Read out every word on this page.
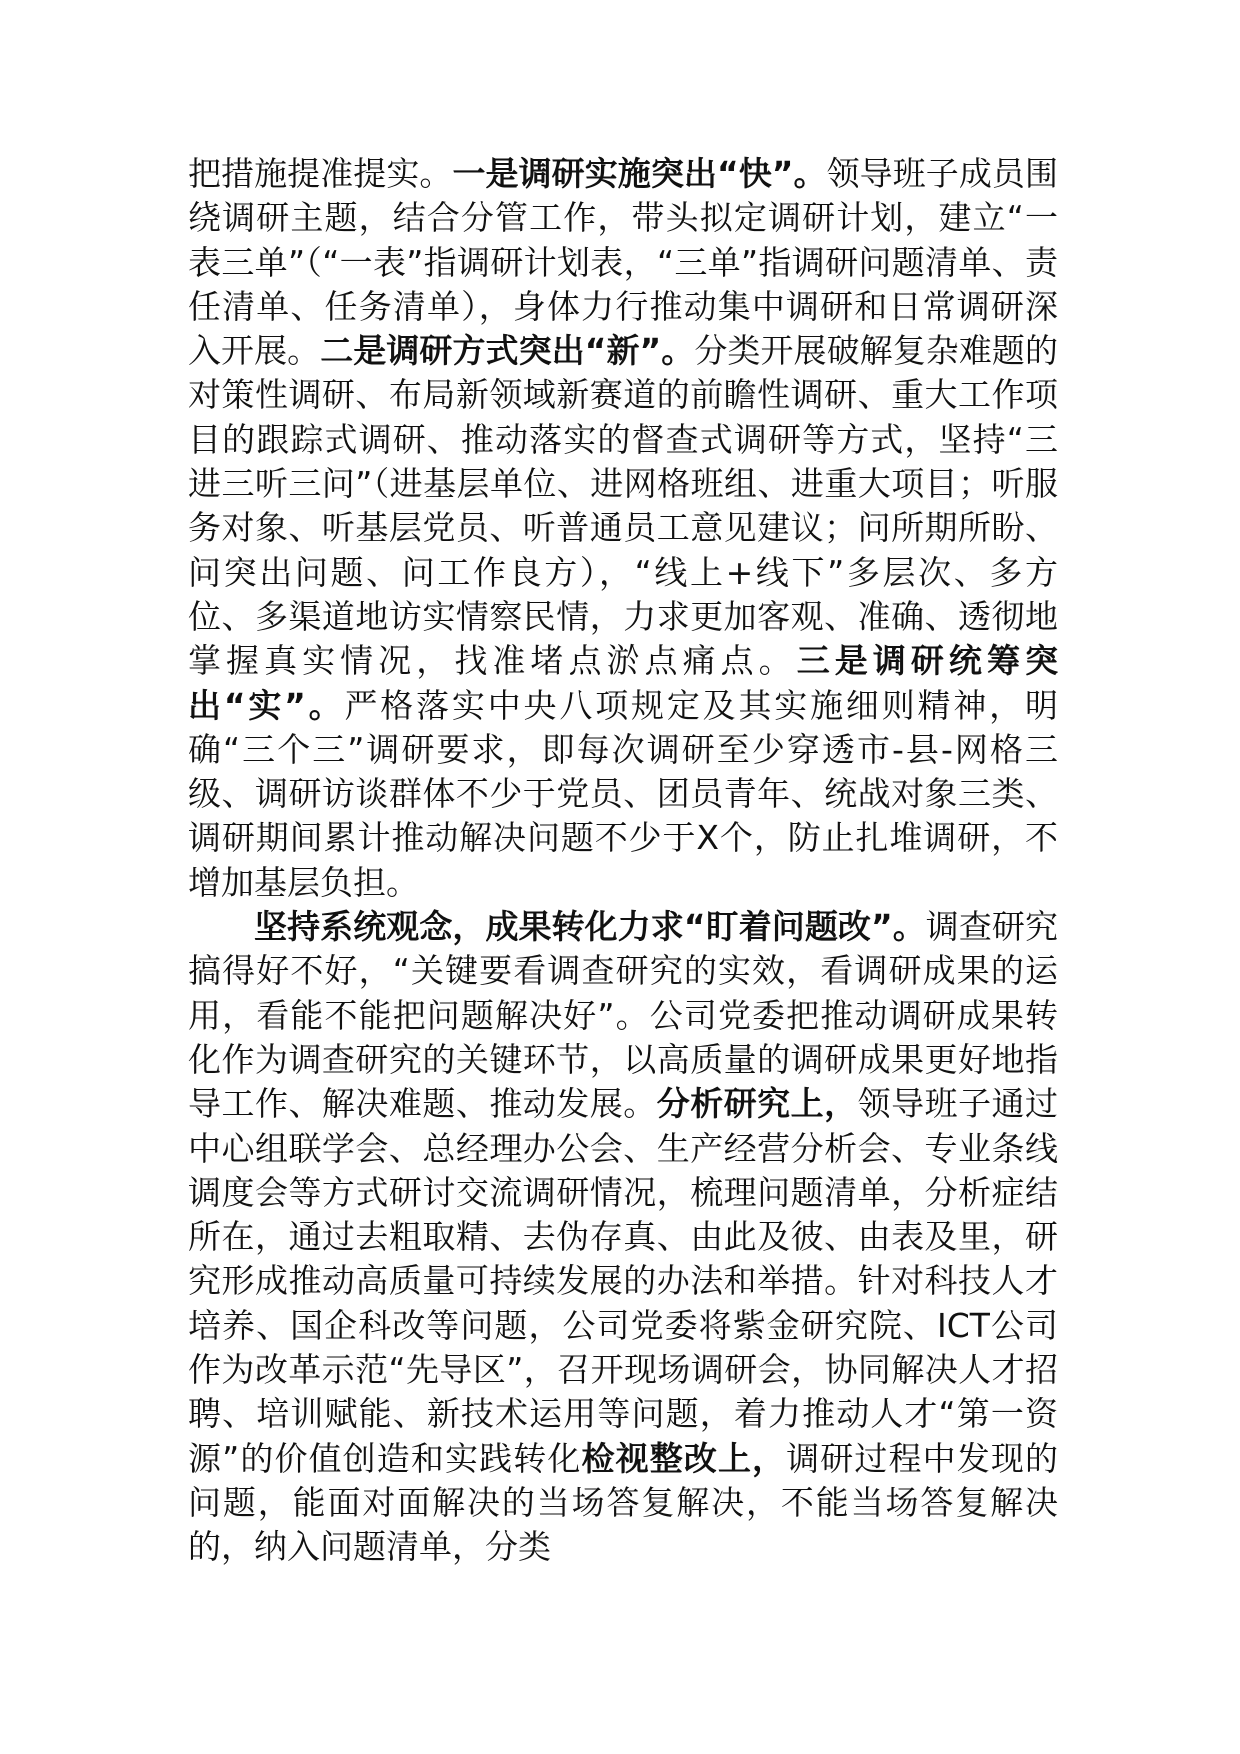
把措施提准提实。一是调研实施突出“快”。领导班子成员围绕调研主题，结合分管工作，带头拟定调研计划，建立“一表三单”（“一表”指调研计划表，“三单”指调研问题清单、责任清单、任务清单），身体力行推动集中调研和日常调研深入开展。二是调研方式突出“新”。分类开展破解复杂难题的对策性调研、布局新领域新赛道的前瞻性调研、重大工作项目的跟踪式调研、推动落实的督查式调研等方式，坚持“三进三听三问”（进基层单位、进网格班组、进重大项目；听服务对象、听基层党员、听普通员工意见建议；问所期所盼、问突出问题、问工作良方），“线上+线下”多层次、多方位、多渠道地访实情察民情，力求更加客观、准确、透彻地掌握真实情况，找准堵点淤点痛点。三是调研统筹突出“实”。严格落实中央八项规定及其实施细则精神，明确“三个三”调研要求，即每次调研至少穿透市-县-网格三级、调研访谈群体不少于党员、团员青年、统战对象三类、调研期间累计推动解决问题不少于X个，防止扎堆调研，不增加基层负担。

坚持系统观念，成果转化力求“盯着问题改”。调查研究搞得好不好，“关键要看调查研究的实效，看调研成果的运用，看能不能把问题解决好”。公司党委把推动调研成果转化作为调查研究的关键环节，以高质量的调研成果更好地指导工作、解决难题、推动发展。分析研究上，领导班子通过中心组联学会、总经理办公会、生产经营分析会、专业条线调度会等方式研讨交流调研情况，梳理问题清单，分析症结所在，通过去粗取精、去伪存真、由此及彼、由表及里，研究形成推动高质量可持续发展的办法和举措。针对科技人才培养、国企科改等问题，公司党委将紫金研究院、ICT公司作为改革示范“先导区”，召开现场调研会，协同解决人才招聘、培训赋能、新技术运用等问题，着力推动人才“第一资源”的价值创造和实践转化检视整改上，调研过程中发现的问题，能面对面解决的当场答复解决，不能当场答复解决的，纳入问题清单，分类
